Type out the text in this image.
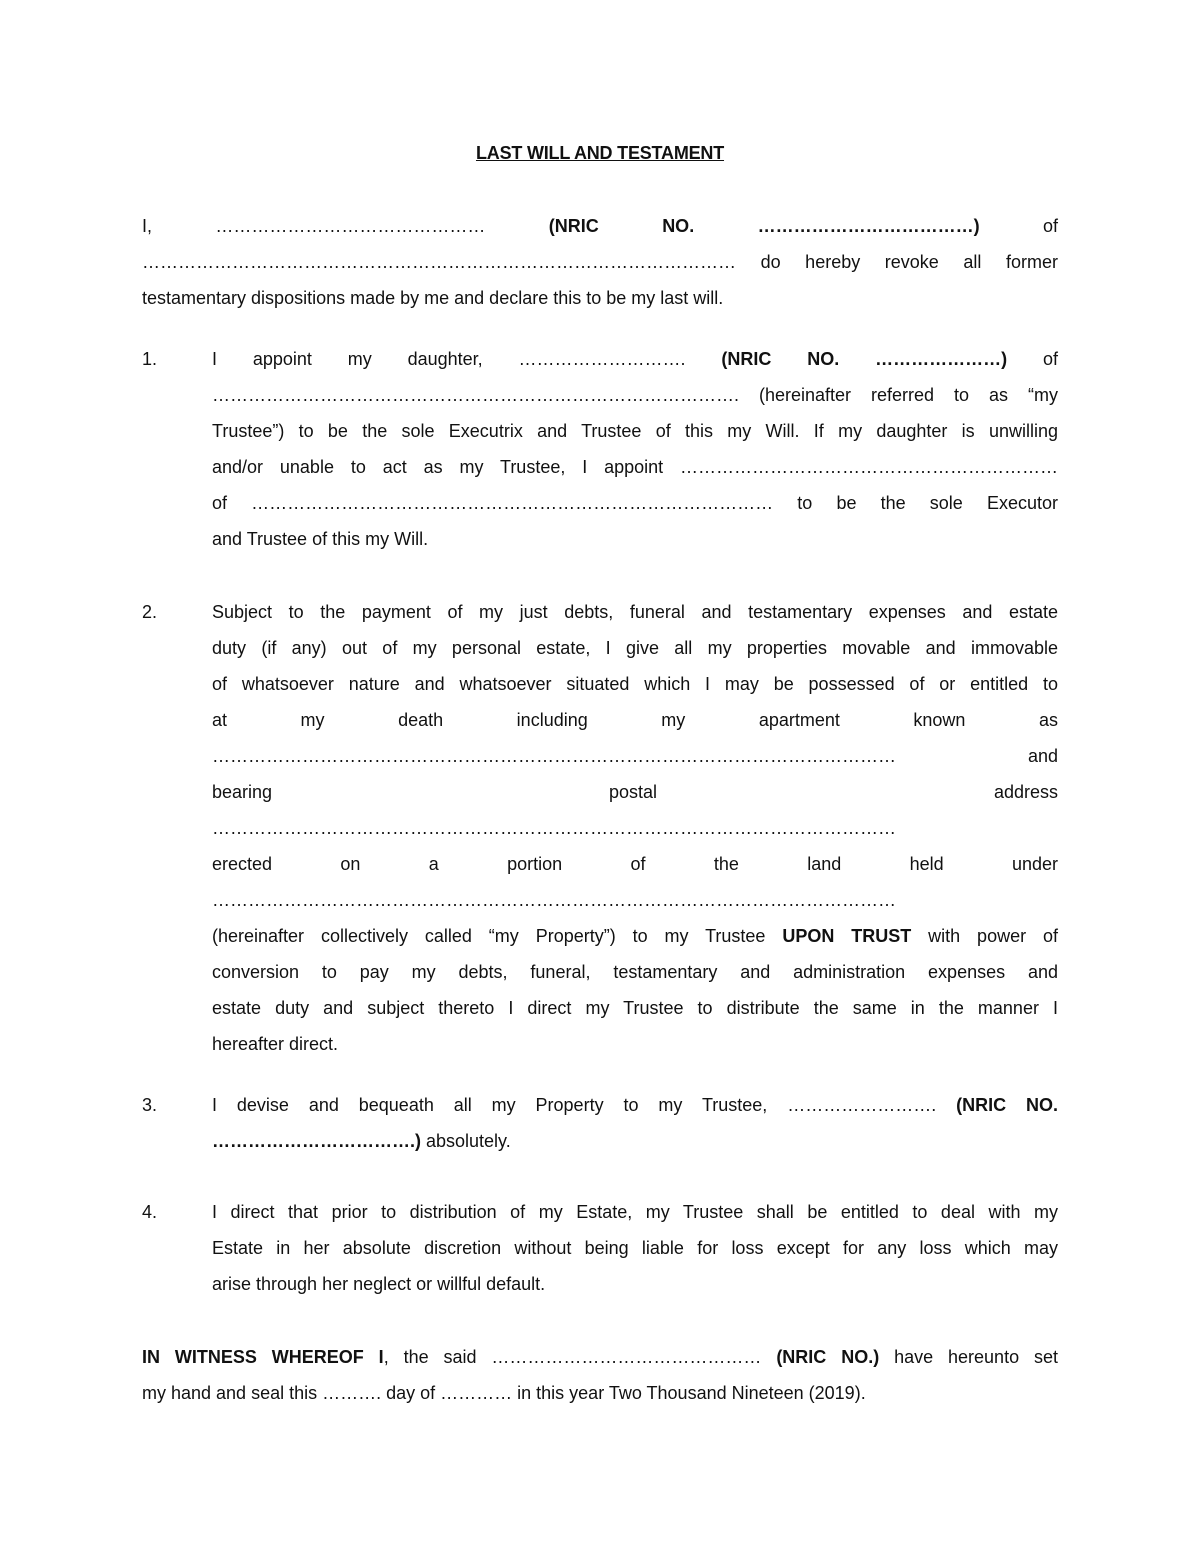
LAST WILL AND TESTAMENT
I,	………………………………………	(NRIC	NO.	………………………………)	of
……………………………………………………………………………………… do hereby revoke all former
testamentary dispositions made by me and declare this to be my last will.
1.	I appoint my daughter, ………………………. (NRIC NO. …………………) of
……………………………………………………………………………. (hereinafter referred to as “my
Trustee”) to be the sole Executrix and Trustee of this my Will. If my daughter is unwilling
and/or unable to act as my Trustee, I appoint ………………………………………………………
of …………………………………………………………………………… to be the sole Executor
and Trustee of this my Will.
2.	Subject to the payment of my just debts, funeral and testamentary expenses and estate
duty (if any) out of my personal estate, I give all my properties movable and immovable
of whatsoever nature and whatsoever situated which I may be possessed of or entitled to
at my death including my apartment known as
…………………………………………………………………………………………………… and
bearing postal address
……………………………………………………………………………………………………
erected on a portion of the land held under
……………………………………………………………………………………………………
(hereinafter collectively called “my Property”) to my Trustee UPON TRUST with power of
conversion to pay my debts, funeral, testamentary and administration expenses and
estate duty and subject thereto I direct my Trustee to distribute the same in the manner I
hereafter direct.
3.	I devise and bequeath all my Property to my Trustee, ……………………. (NRIC NO.
…………………………….) absolutely.
4.	I direct that prior to distribution of my Estate, my Trustee shall be entitled to deal with my
Estate in her absolute discretion without being liable for loss except for any loss which may
arise through her neglect or willful default.
IN WITNESS WHEREOF I, the said ……………………………………… (NRIC NO.) have hereunto set
my hand and seal this ………. day of ………… in this year Two Thousand Nineteen (2019).
